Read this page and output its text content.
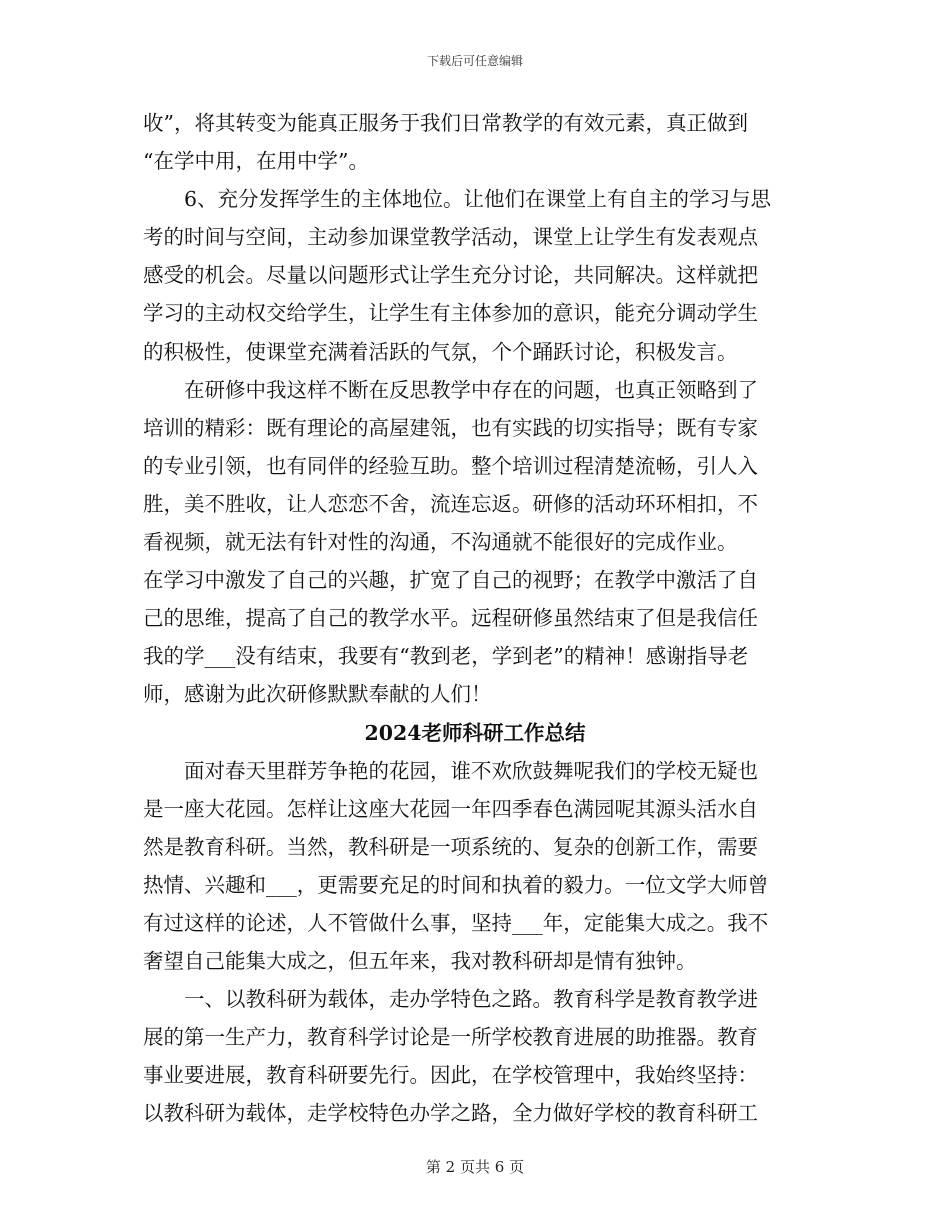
下载后可任意编辑
收”，将其转变为能真正服务于我们日常教学的有效元素，真正做到
“在学中用，在用中学”。
6、充分发挥学生的主体地位。让他们在课堂上有自主的学习与思
考的时间与空间，主动参加课堂教学活动，课堂上让学生有发表观点
感受的机会。尽量以问题形式让学生充分讨论，共同解决。这样就把
学习的主动权交给学生，让学生有主体参加的意识，能充分调动学生
的积极性，使课堂充满着活跃的气氛，个个踊跃讨论，积极发言。
在研修中我这样不断在反思教学中存在的问题，也真正领略到了
培训的精彩：既有理论的高屋建瓴，也有实践的切实指导；既有专家
的专业引领，也有同伴的经验互助。整个培训过程清楚流畅，引人入
胜，美不胜收，让人恋恋不舍，流连忘返。研修的活动环环相扣，不
看视频，就无法有针对性的沟通，不沟通就不能很好的完成作业。
在学习中激发了自己的兴趣，扩宽了自己的视野；在教学中激活了自
己的思维，提高了自己的教学水平。远程研修虽然结束了但是我信任
我的学___没有结束，我要有“教到老，学到老”的精神！感谢指导老
师，感谢为此次研修默默奉献的人们！
2024老师科研工作总结
面对春天里群芳争艳的花园，谁不欢欣鼓舞呢我们的学校无疑也
是一座大花园。怎样让这座大花园一年四季春色满园呢其源头活水自
然是教育科研。当然，教科研是一项系统的、复杂的创新工作，需要
热情、兴趣和___，更需要充足的时间和执着的毅力。一位文学大师曾
有过这样的论述，人不管做什么事，坚持___年，定能集大成之。我不
奢望自己能集大成之，但五年来，我对教科研却是情有独钟。
一、以教科研为载体，走办学特色之路。教育科学是教育教学进
展的第一生产力，教育科学讨论是一所学校教育进展的助推器。教育
事业要进展，教育科研要先行。因此，在学校管理中，我始终坚持：
以教科研为载体，走学校特色办学之路，全力做好学校的教育科研工
第 2 页共 6 页
